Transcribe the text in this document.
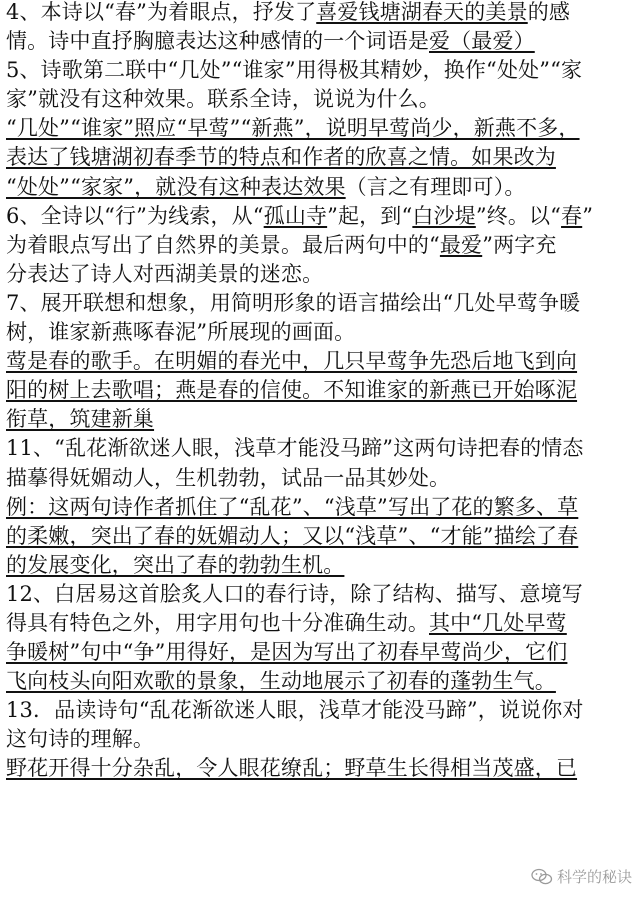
4、本诗以“春”为着眼点，抒发了喜爱钱塘湖春天的美景的感
情。诗中直抒胸臆表达这种感情的一个词语是爱（最爱）
5、诗歌第二联中“几处”“谁家”用得极其精妙，换作“处处”“家
家”就没有这种效果。联系全诗，说说为什么。
“几处”“谁家”照应“早莺”“新燕”，说明早莺尚少，新燕不多，
表达了钱塘湖初春季节的特点和作者的欣喜之情。如果改为
“处处”“家家”，就没有这种表达效果（言之有理即可）。
6、全诗以“行”为线索，从“孤山寺”起，到“白沙堤”终。以“春”
为着眼点写出了自然界的美景。最后两句中的“最爱”两字充
分表达了诗人对西湖美景的迷恋。
7、展开联想和想象，用简明形象的语言描绘出“几处早莺争暖
树，谁家新燕啄春泥”所展现的画面。
莺是春的歌手。在明媚的春光中，几只早莺争先恐后地飞到向
阳的树上去歌唱；燕是春的信使。不知谁家的新燕已开始啄泥
衔草，筑建新巢
11、“乱花渐欲迷人眼，浅草才能没马蹄”这两句诗把春的情态
描摹得妩媚动人，生机勃勃，试品一品其妙处。
例：这两句诗作者抓住了“乱花”、“浅草”写出了花的繁多、草
的柔嫩，突出了春的妩媚动人；又以“浅草”、“才能”描绘了春
的发展变化，突出了春的勃勃生机。
12、白居易这首脍炙人口的春行诗，除了结构、描写、意境写
得具有特色之外，用字用句也十分准确生动。其中“几处早莺
争暖树”句中“争”用得好，是因为写出了初春早莺尚少，它们
飞向枝头向阳欢歌的景象，生动地展示了初春的蓬勃生气。
13．品读诗句“乱花渐欲迷人眼，浅草才能没马蹄”，说说你对
这句诗的理解。
野花开得十分杂乱，令人眼花缭乱；野草生长得相当茂盛，已
科学的秘诀
